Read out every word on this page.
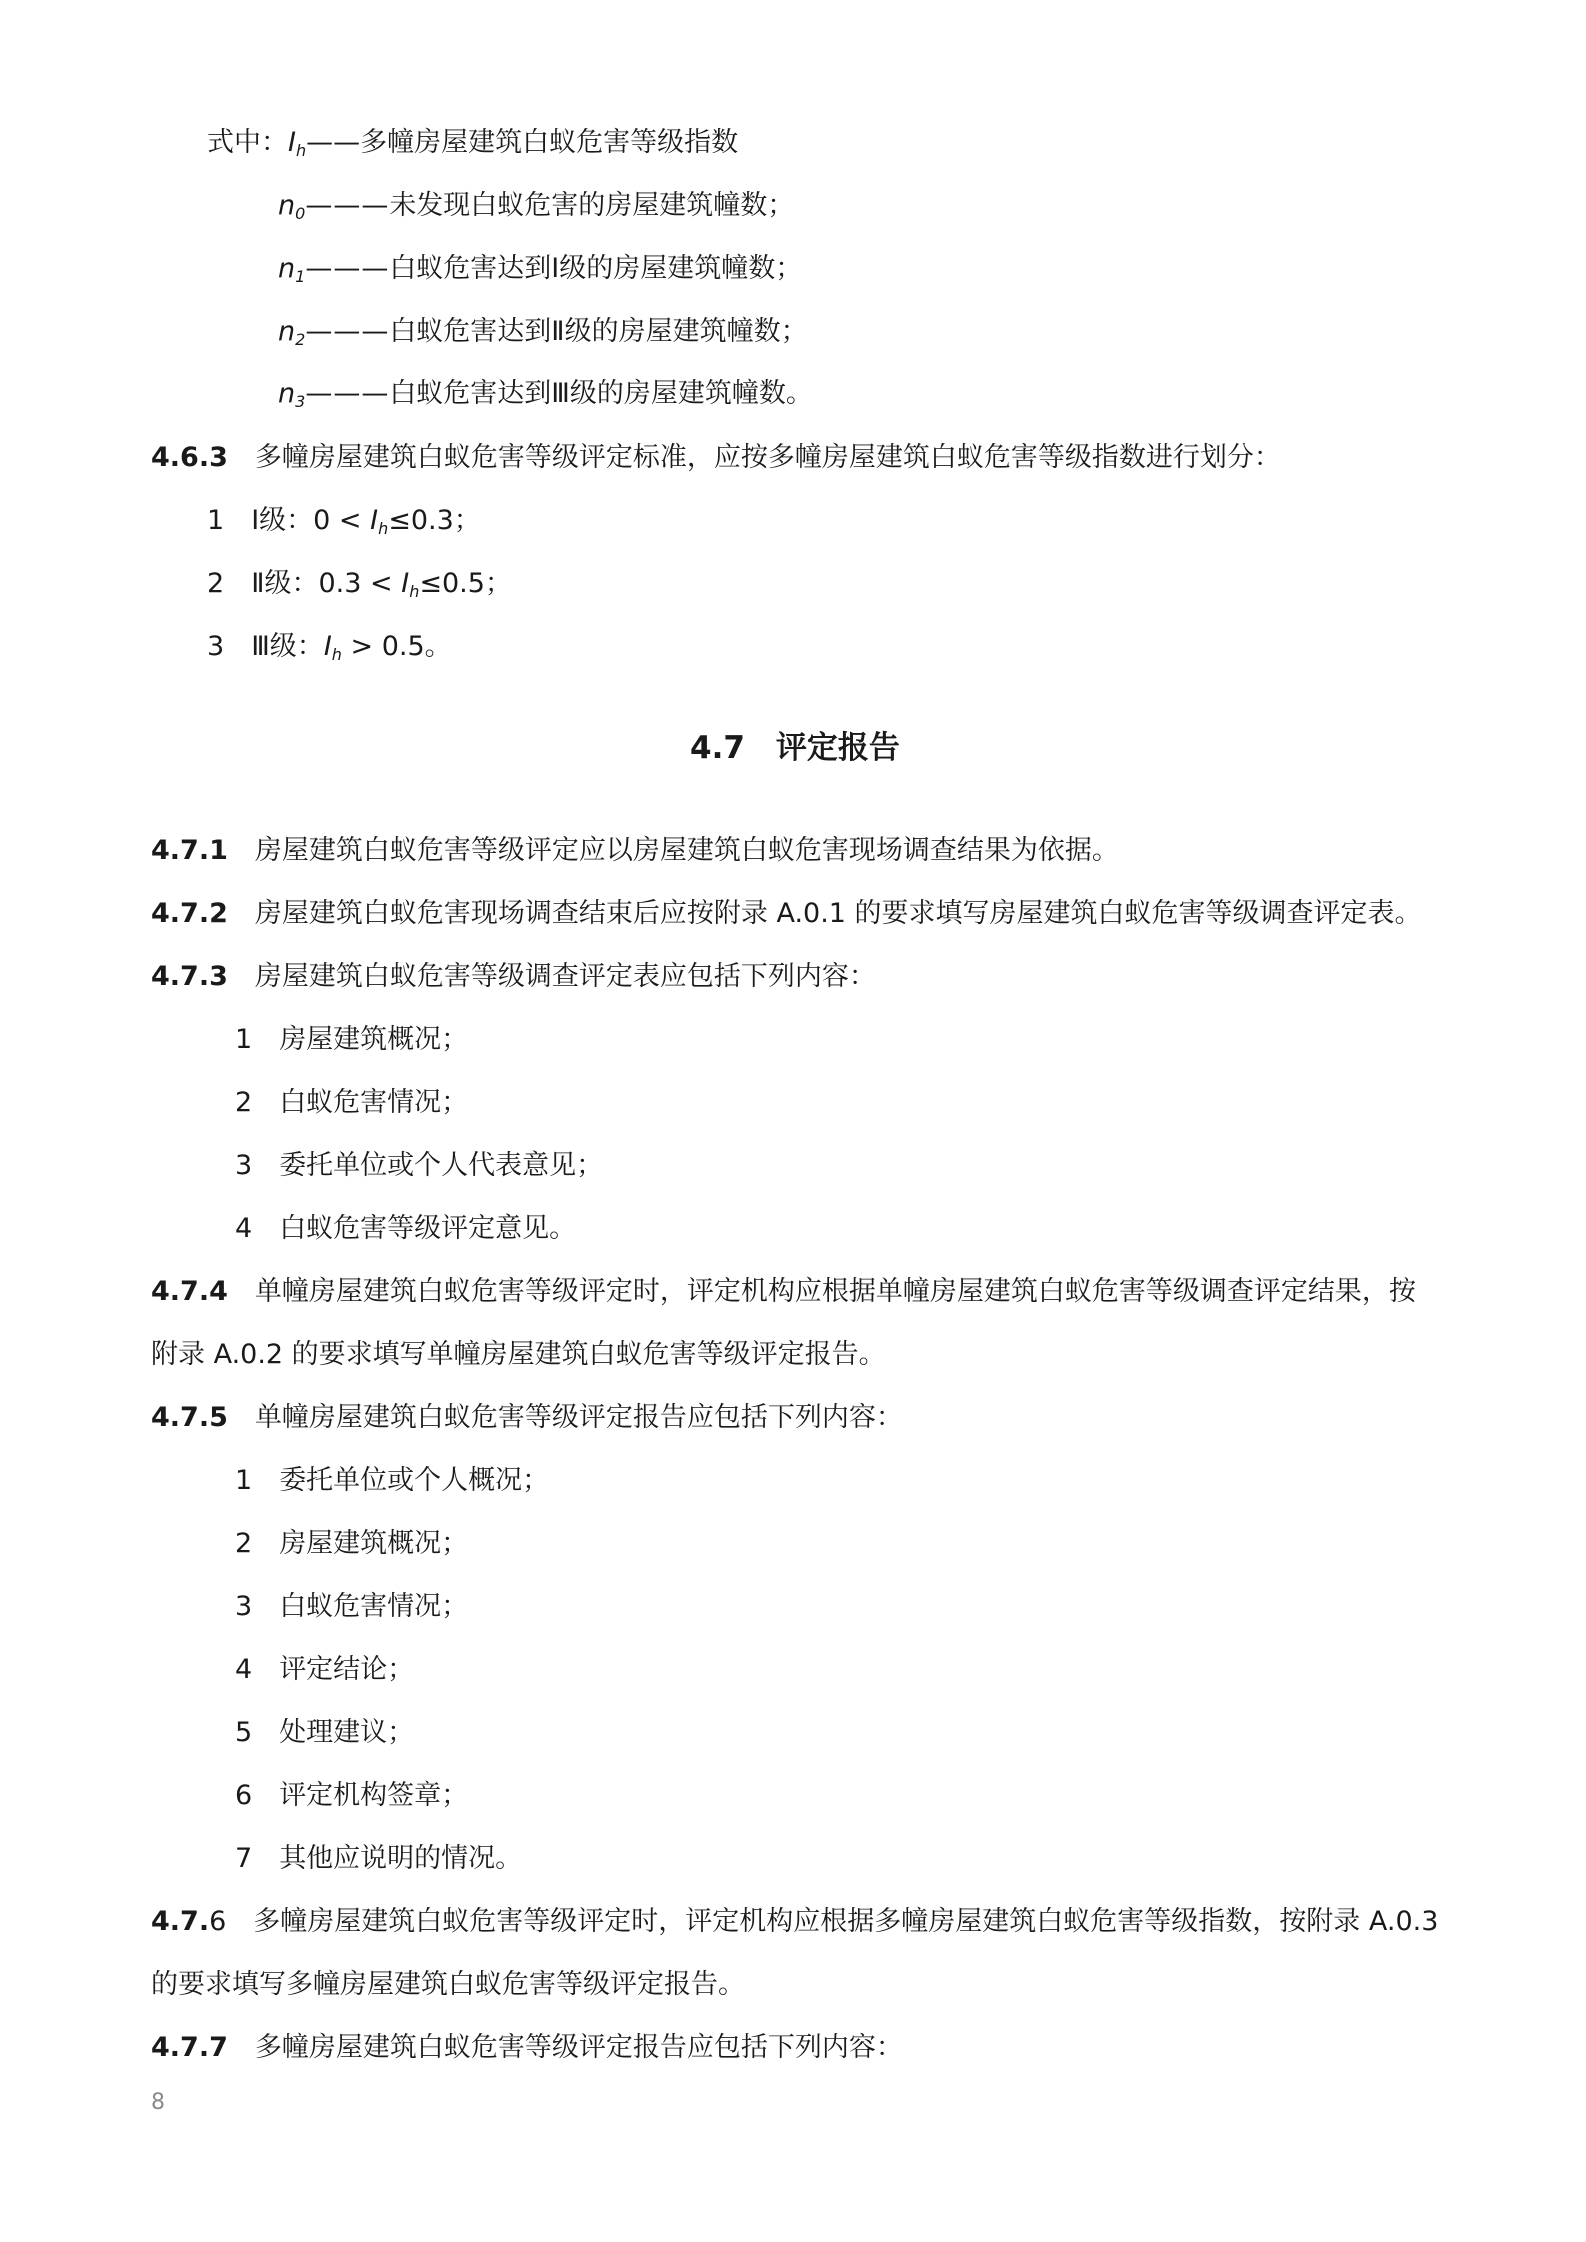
式中：Ih——多幢房屋建筑白蚁危害等级指数
n0———未发现白蚁危害的房屋建筑幢数；
n1———白蚁危害达到Ⅰ级的房屋建筑幢数；
n2———白蚁危害达到Ⅱ级的房屋建筑幢数；
n3———白蚁危害达到Ⅲ级的房屋建筑幢数。
4.6.3  多幢房屋建筑白蚁危害等级评定标准，应按多幢房屋建筑白蚁危害等级指数进行划分：
1  Ⅰ级：0 < Ih≤0.3；
2  Ⅱ级：0.3 < Ih≤0.5；
3  Ⅲ级：Ih > 0.5。
4.7  评定报告
4.7.1  房屋建筑白蚁危害等级评定应以房屋建筑白蚁危害现场调查结果为依据。
4.7.2  房屋建筑白蚁危害现场调查结束后应按附录 A.0.1 的要求填写房屋建筑白蚁危害等级调查评定表。
4.7.3  房屋建筑白蚁危害等级调查评定表应包括下列内容：
1  房屋建筑概况；
2  白蚁危害情况；
3  委托单位或个人代表意见；
4  白蚁危害等级评定意见。
4.7.4  单幢房屋建筑白蚁危害等级评定时，评定机构应根据单幢房屋建筑白蚁危害等级调查评定结果，按
附录 A.0.2 的要求填写单幢房屋建筑白蚁危害等级评定报告。
4.7.5  单幢房屋建筑白蚁危害等级评定报告应包括下列内容：
1  委托单位或个人概况；
2  房屋建筑概况；
3  白蚁危害情况；
4  评定结论；
5  处理建议；
6  评定机构签章；
7  其他应说明的情况。
4.7.6  多幢房屋建筑白蚁危害等级评定时，评定机构应根据多幢房屋建筑白蚁危害等级指数，按附录 A.0.3
的要求填写多幢房屋建筑白蚁危害等级评定报告。
4.7.7  多幢房屋建筑白蚁危害等级评定报告应包括下列内容：
8
